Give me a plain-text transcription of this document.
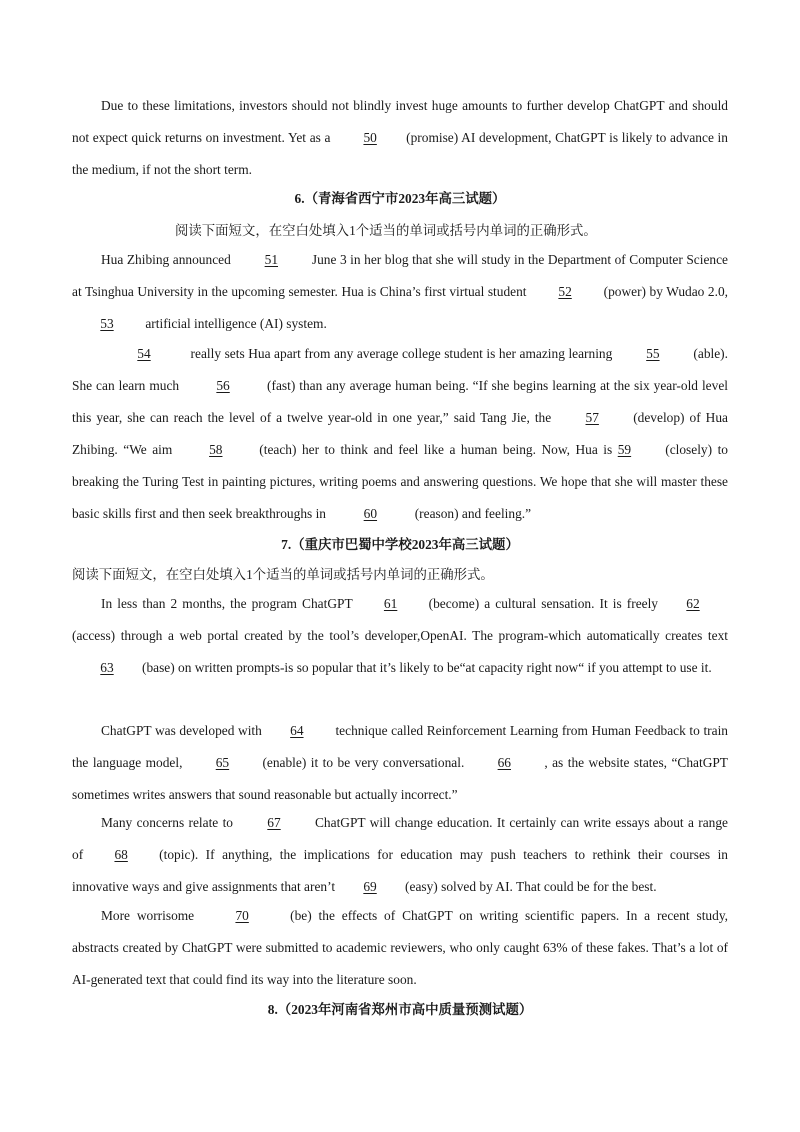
Due to these limitations, investors should not blindly invest huge amounts to further develop ChatGPT and should not expect quick returns on investment. Yet as a 50 (promise) AI development, ChatGPT is likely to advance in the medium, if not the short term.

6.（青海省西宁市2023年高三试题）

阅读下面短文，在空白处填入1个适当的单词或括号内单词的正确形式。

Hua Zhibing announced 51 June 3 in her blog that she will study in the Department of Computer Science at Tsinghua University in the upcoming semester. Hua is China’s first virtual student 52 (power) by Wudao 2.0, 53 artificial intelligence (AI) system.

54	really sets Hua apart from any average college student is her amazing learning 55 (able). She can learn much 56 (fast) than any average human being. “If she begins learning at the six year-old level this year, she can reach the level of a twelve year-old in one year,” said Tang Jie, the 57 (develop) of Hua Zhibing. “We aim 58 (teach) her to think and feel like a human being. Now, Hua is 59 (closely) to breaking the Turing Test in painting pictures, writing poems and answering questions. We hope that she will master these basic skills first and then seek breakthroughs in	60	(reason) and feeling.”

7.（重庆市巴蜀中学校2023年高三试题）

阅读下面短文，在空白处填入1个适当的单词或括号内单词的正确形式。

In less than 2 months, the program ChatGPT 61 (become) a cultural sensation. It is freely 62(access) through a web portal created by the tool’s developer,OpenAI. The program-which automatically creates text63 (base) on written prompts-is so popular that it’s likely to be“at capacity right now“ if you attempt to use it.

ChatGPT was developed with 64 technique called Reinforcement Learning from Human Feedback to train the language model, 65 (enable) it to be very conversational. 66 , as the website states, “ChatGPT sometimes writes answers that sound reasonable but actually incorrect.”

Many concerns relate to	67	ChatGPT will change education. It certainly can write essays about a range of 68 (topic). If anything, the implications for education may push teachers to rethink their courses in innovative ways and give assignments that aren’t 69 (easy) solved by AI. That could be for the best.

More worrisome	70	(be) the effects of ChatGPT on writing scientific papers. In a recent study, abstracts created by ChatGPT were submitted to academic reviewers, who only caught 63% of these fakes. That’s a lot of AI-generated text that could find its way into the literature soon.

8.（2023年河南省郑州市高中质量预测试题）
